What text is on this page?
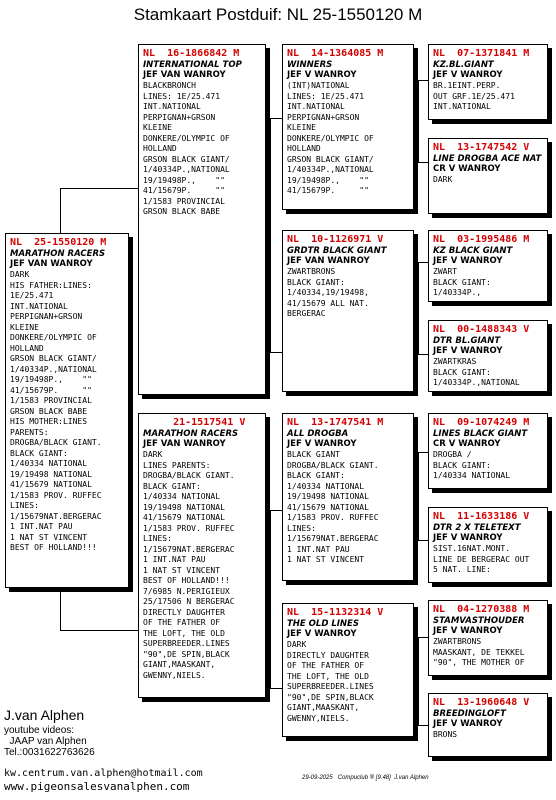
Stamkaart Postduif: NL 25-1550120 M
NL  25-1550120 M
MARATHON RACERS
JEF VAN WANROY
DARK
HIS FATHER:LINES:
1E/25.471
INT.NATIONAL
PERPIGNAN+GRSON
KLEINE
DONKERE/OLYMPIC OF
HOLLAND
GRSON BLACK GIANT/
1/40334P.,NATIONAL
19/19498P.,    ""
41/15679P.     ""
1/1583 PROVINCIAL
GRSON BLACK BABE
HIS MOTHER:LINES
PARENTS:
DROGBA/BLACK GIANT.
BLACK GIANT:
1/40334 NATIONAL
19/19498 NATIONAL
41/15679 NATIONAL
1/1583 PROV. RUFFEC
LINES:
1/15679NAT.BERGERAC
1 INT.NAT PAU
1 NAT ST VINCENT
BEST OF HOLLAND!!!
NL  16-1866842 M
INTERNATIONAL TOP
JEF VAN WANROY
BLACKBRONCH
LINES: 1E/25.471
INT.NATIONAL
PERPIGNAN+GRSON
KLEINE
DONKERE/OLYMPIC OF
HOLLAND
GRSON BLACK GIANT/
1/40334P.,NATIONAL
19/19498P.,    ""
41/15679P.     ""
1/1583 PROVINCIAL
GRSON BLACK BABE
21-1517541 V
MARATHON RACERS
JEF VAN WANROY
DARK
LINES PARENTS:
DROGBA/BLACK GIANT.
BLACK GIANT:
1/40334 NATIONAL
19/19498 NATIONAL
41/15679 NATIONAL
1/1583 PROV. RUFFEC
LINES:
1/15679NAT.BERGERAC
1 INT.NAT PAU
1 NAT ST VINCENT
BEST OF HOLLAND!!!
7/6985 N.PERIGIEUX
25/17506 N BERGERAC
DIRECTLY DAUGHTER
OF THE FATHER OF
THE LOFT, THE OLD
SUPERBREEDER.LINES
"90",DE SPIN,BLACK
GIANT,MAASKANT,
GWENNY,NIELS.
NL  14-1364085 M
WINNERS
JEF V WANROY
(INT)NATIONAL
LINES: 1E/25.471
INT.NATIONAL
PERPIGNAN+GRSON
KLEINE
DONKERE/OLYMPIC OF
HOLLAND
GRSON BLACK GIANT/
1/40334P.,NATIONAL
19/19498P.,    ""
41/15679P.     ""
NL  10-1126971 V
GRDTR BLACK GIANT
JEF VAN WANROY
ZWARTBRONS
BLACK GIANT:
1/40334,19/19498,
41/15679 ALL NAT.
BERGERAC
NL  13-1747541 M
ALL DROGBA
JEF V WANROY
BLACK GIANT
DROGBA/BLACK GIANT.
BLACK GIANT:
1/40334 NATIONAL
19/19498 NATIONAL
41/15679 NATIONAL
1/1583 PROV. RUFFEC
LINES:
1/15679NAT.BERGERAC
1 INT.NAT PAU
1 NAT ST VINCENT
NL  15-1132314 V
THE OLD LINES
JEF V WANROY
DARK
DIRECTLY DAUGHTER
OF THE FATHER OF
THE LOFT, THE OLD
SUPERBREEDER.LINES
"90",DE SPIN,BLACK
GIANT,MAASKANT,
GWENNY,NIELS.
NL  07-1371841 M
KZ.BL.GIANT
JEF V WANROY
BR.1EINT.PERP.
OUT GRF.1E/25.471
INT.NATIONAL
NL  13-1747542 V
LINE DROGBA ACE NAT
CR V WANROY
DARK
NL  03-1995486 M
KZ BLACK GIANT
JEF V WANROY
ZWART
BLACK GIANT:
1/40334P.,
NL  00-1488343 V
DTR BL.GIANT
JEF V WANROY
ZWARTKRAS
BLACK GIANT:
1/40334P.,NATIONAL
NL  09-1074249 M
LINES BLACK GIANT
CR V WANROY
DROGBA /
BLACK GIANT:
1/40334 NATIONAL
NL  11-1633186 V
DTR 2 X TELETEXT
JEF V WANROY
SIST.16NAT.MONT.
LINE DE BERGERAC OUT
5 NAT. LINE:
NL  04-1270388 M
STAMVASTHOUDER
JEF V WANROY
ZWARTBRONS
MAASKANT, DE TEKKEL
"90", THE MOTHER OF
NL  13-1960648 V
BREEDINGLOFT
JEF V WANROY
BRONS
J.van Alphen
youtube videos:
JAAP van Alphen
Tel.:0031622763626
kw.centrum.van.alphen@hotmail.com
www.pigeonsalesvanalphen.com
29-09-2025   Compuclub ® [9.48]  J.van Alphen
